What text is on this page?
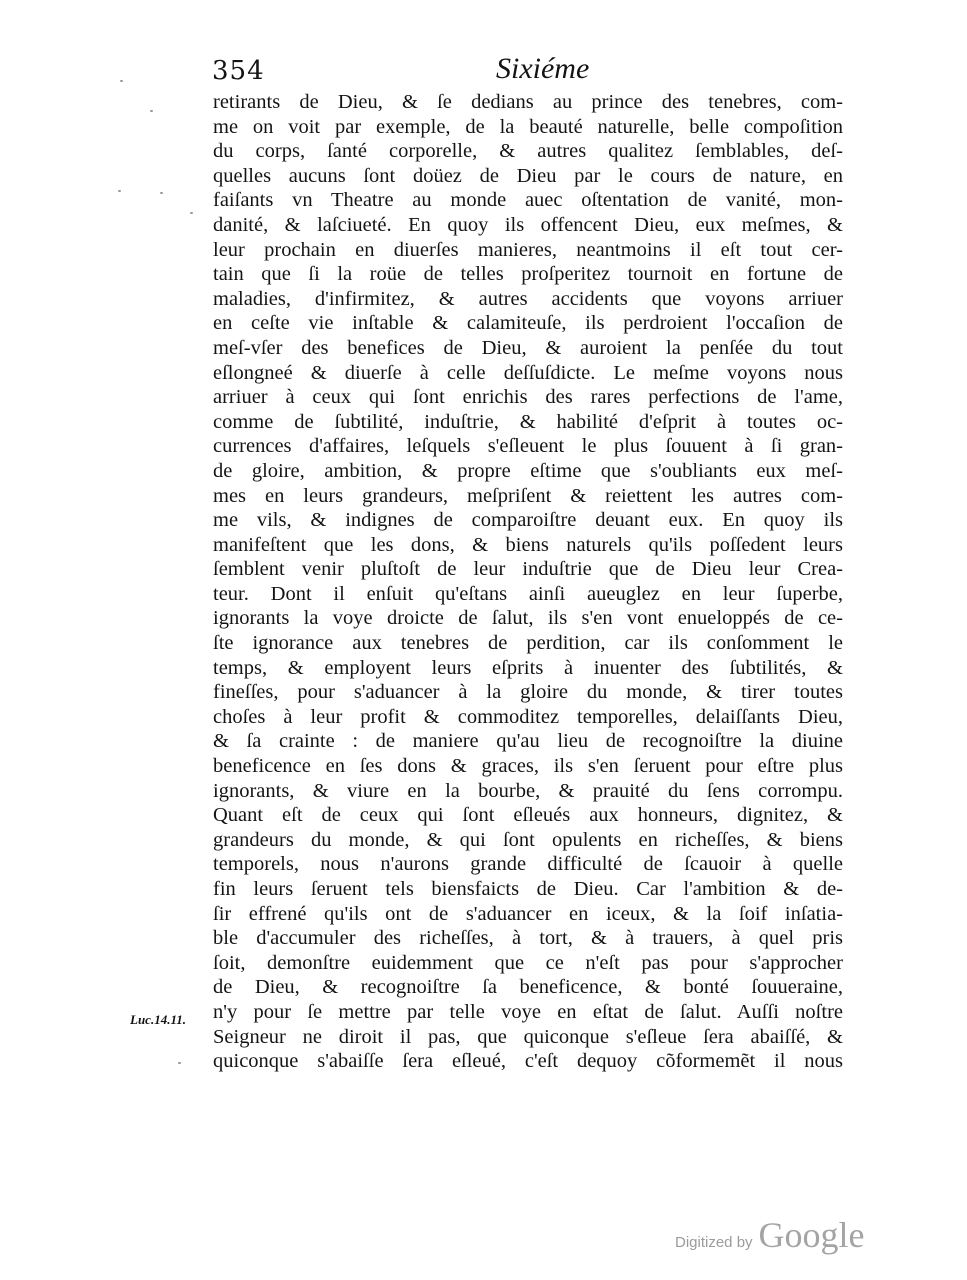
354	Sixiéme
retirants de Dieu, & ſe dedians au prince des tenebres, com-
me on voit par exemple, de la beauté naturelle, belle compoſition
du corps, ſanté corporelle, & autres qualitez ſemblables, deſ-
quelles aucuns ſont doüez de Dieu par le cours de nature, en
faiſants vn Theatre au monde auec oſtentation de vanité, mon-
danité, & laſciueté. En quoy ils offencent Dieu, eux meſmes, &
leur prochain en diuerſes manieres, neantmoins il eſt tout cer-
tain que ſi la roüe de telles proſperitez tournoit en fortune de
maladies, d'infirmitez, & autres accidents que voyons arriuer
en ceſte vie inſtable & calamiteuſe, ils perdroient l'occaſion de
meſ-vſer des benefices de Dieu, & auroient la penſée du tout
eſlongneé & diuerſe à celle deſſuſdicte. Le meſme voyons nous
arriuer à ceux qui ſont enrichis des rares perfections de l'ame,
comme de ſubtilité, induſtrie, & habilité d'eſprit à toutes oc-
currences d'affaires, leſquels s'eſleuent le plus ſouuent à ſi gran-
de gloire, ambition, & propre eſtime que s'oubliants eux meſ-
mes en leurs grandeurs, meſpriſent & reiettent les autres com-
me vils, & indignes de comparoiſtre deuant eux. En quoy ils
manifeſtent que les dons, & biens naturels qu'ils poſſedent leurs
ſemblent venir pluſtoſt de leur induſtrie que de Dieu leur Crea-
teur. Dont il enſuit qu'eſtans ainſi aueuglez en leur ſuperbe,
ignorants la voye droicte de ſalut, ils s'en vont enueloppés de ce-
ſte ignorance aux tenebres de perdition, car ils conſomment le
temps, & employent leurs eſprits à inuenter des ſubtilités, &
fineſſes, pour s'aduancer à la gloire du monde, & tirer toutes
choſes à leur profit & commoditez temporelles, delaiſſants Dieu,
& ſa crainte : de maniere qu'au lieu de recognoiſtre la diuine
beneficence en ſes dons & graces, ils s'en ſeruent pour eſtre plus
ignorants, & viure en la bourbe, & prauité du ſens corrompu.
Quant eſt de ceux qui ſont eſleués aux honneurs, dignitez, &
grandeurs du monde, & qui ſont opulents en richeſſes, & biens
temporels, nous n'aurons grande difficulté de ſcauoir à quelle
fin leurs ſeruent tels biensfaicts de Dieu. Car l'ambition & de-
ſir effrené qu'ils ont de s'aduancer en iceux, & la ſoif inſatia-
ble d'accumuler des richeſſes, à tort, & à trauers, à quel pris
ſoit, demonſtre euidemment que ce n'eſt pas pour s'approcher
de Dieu, & recognoiſtre ſa beneficence, & bonté ſouueraine,
n'y pour ſe mettre par telle voye en eſtat de ſalut. Auſſi noſtre
Seigneur ne diroit il pas, que quiconque s'eſleue ſera abaiſſé, &
quiconque s'abaiſſe ſera eſleué, c'eſt dequoy cõformemẽt il nous
Luc.14.11.
Digitized by Google
